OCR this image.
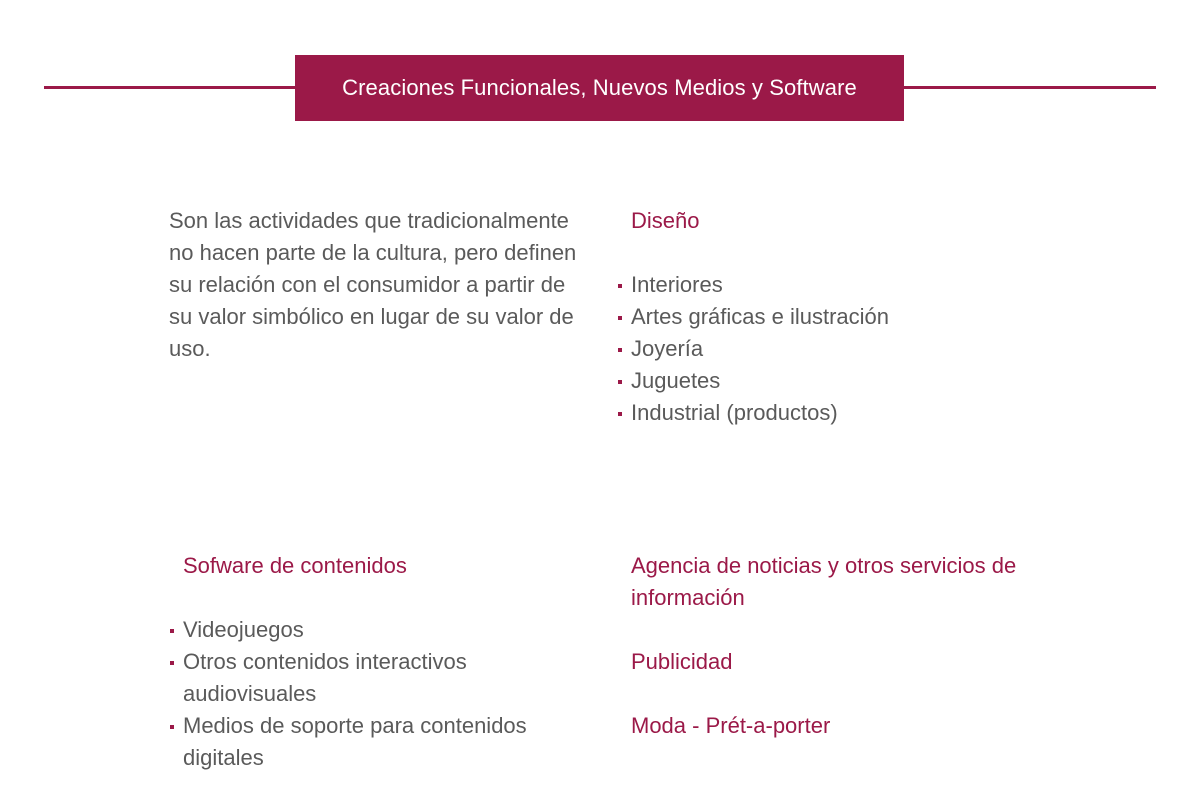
Creaciones Funcionales, Nuevos Medios y Software

Son las actividades que tradicionalmente no hacen parte de la cultura, pero definen su relación con el consumidor a partir de su valor simbólico en lugar de su valor de uso.

Diseño
Interiores
Artes gráficas e ilustración
Joyería
Juguetes
Industrial (productos)
Sofware de contenidos
Videojuegos
Otros contenidos interactivos audiovisuales
Medios de soporte para contenidos digitales
Agencia de noticias y otros servicios de información
Publicidad
Moda - Prét-a-porter
